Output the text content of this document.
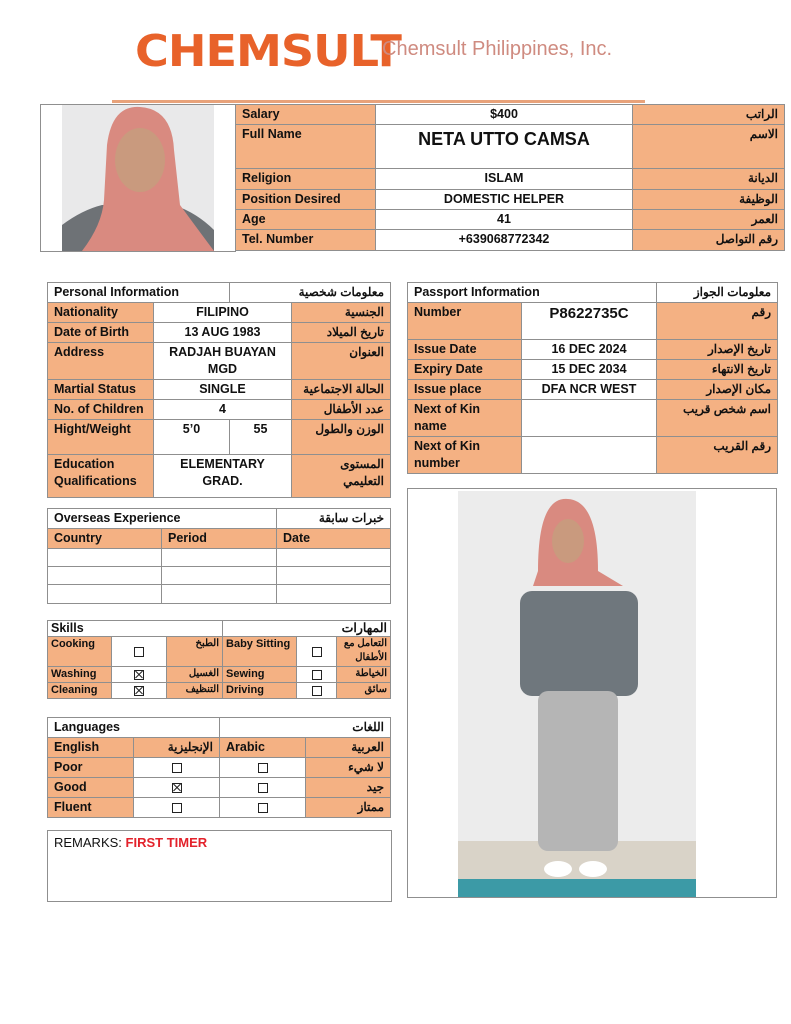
CHEMSULT
Chemsult Philippines, Inc.
Salary	$400	الراتب
Full Name	NETA UTTO CAMSA	الاسم
Religion	ISLAM	الديانة
Position Desired	DOMESTIC HELPER	الوظيفة
Age	41	العمر
Tel. Number	+639068772342	رقم التواصل
Personal Information		معلومات شخصية	
Nationality	FILIPINO		الجنسية
Date of Birth	13 AUG 1983		تاريخ الميلاد
Address	RADJAH BUAYAN MGD		العنوان
Martial Status	SINGLE		الحالة الاجتماعية
No. of Children	4		عدد الأطفال
Hight/Weight	5’0	55	الوزن والطول
Education Qualifications	ELEMENTARY GRAD.		المستوى التعليمي
Passport Information		معلومات الجواز
Number	P8622735C	رقم
Issue Date	16 DEC 2024	تاريخ الإصدار
Expiry Date	15 DEC 2034	تاريخ الانتهاء
Issue place	DFA NCR WEST	مكان الإصدار
Next of Kin name		اسم شخص قريب
Next of Kin number		رقم القريب
Overseas Experience		خبرات سابقة
Country	Period	Date

Skills			المهارات		
Cooking		الطبخ	Baby Sitting		التعامل مع الأطفال
Washing		الغسيل	Sewing		الخياطة
Cleaning		التنظيف	Driving		سائق
Languages		اللغات	
English	الإنجليزية	Arabic	العربية
Poor			لا شيء
Good			جيد
Fluent			ممتاز
REMARKS: FIRST TIMER
